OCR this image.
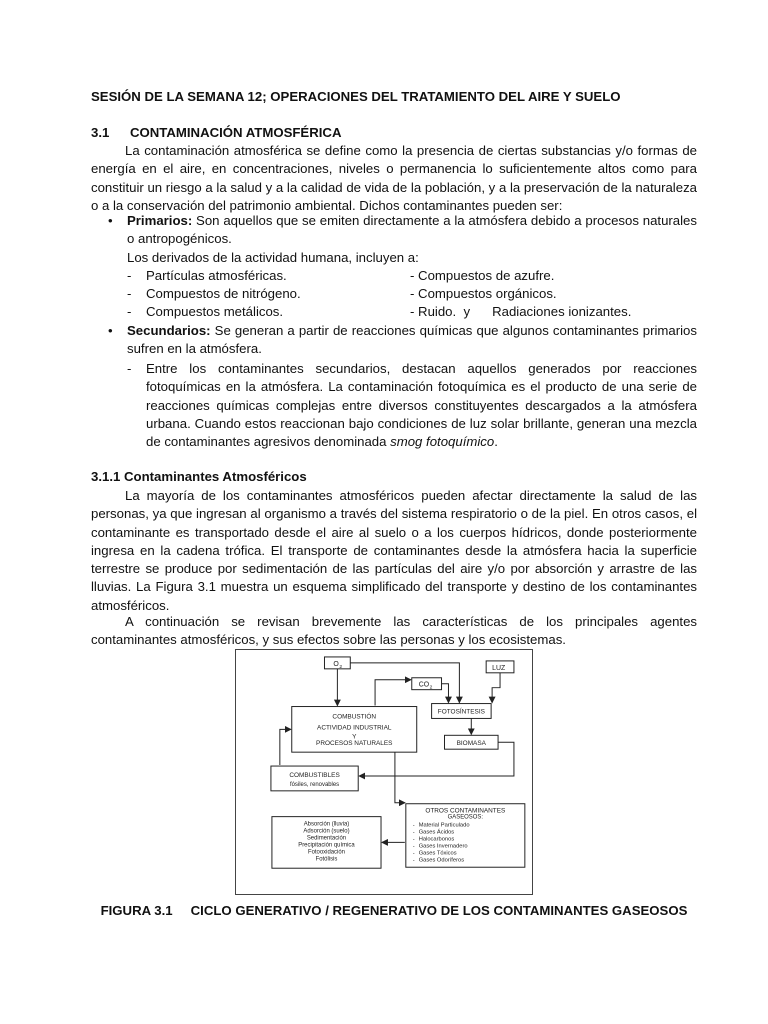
SESIÓN DE LA SEMANA 12; OPERACIONES DEL TRATAMIENTO DEL AIRE Y SUELO
3.1 CONTAMINACIÓN ATMOSFÉRICA

La contaminación atmosférica se define como la presencia de ciertas substancias y/o formas de energía en el aire, en concentraciones, niveles o permanencia lo suficientemente altos como para constituir un riesgo a la salud y a la calidad de vida de la población, y a la preservación de la naturaleza o a la conservación del patrimonio ambiental. Dichos contaminantes pueden ser:

• Primarios: Son aquellos que se emiten directamente a la atmósfera debido a procesos naturales o antropogénicos.
Los derivados de la actividad humana, incluyen a:
- Partículas atmosféricas.	- Compuestos de azufre.
- Compuestos de nitrógeno.	- Compuestos orgánicos.
- Compuestos metálicos.	- Ruido.  y      Radiaciones ionizantes.
• Secundarios: Se generan a partir de reacciones químicas que algunos contaminantes primarios sufren en la atmósfera.
- Entre los contaminantes secundarios, destacan aquellos generados por reacciones fotoquímicas en la atmósfera. La contaminación fotoquímica es el producto de una serie de reacciones químicas complejas entre diversos constituyentes descargados a la atmósfera urbana. Cuando estos reaccionan bajo condiciones de luz solar brillante, generan una mezcla de contaminantes agresivos denominada smog fotoquímico.
3.1.1 Contaminantes Atmosféricos

La mayoría de los contaminantes atmosféricos pueden afectar directamente la salud de las personas, ya que ingresan al organismo a través del sistema respiratorio o de la piel. En otros casos, el contaminante es transportado desde el aire al suelo o a los cuerpos hídricos, donde posteriormente ingresa en la cadena trófica. El transporte de contaminantes desde la atmósfera hacia la superficie terrestre se produce por sedimentación de las partículas del aire y/o por absorción y arrastre de las lluvias. La Figura 3.1 muestra un esquema simplificado del transporte y destino de los contaminantes atmosféricos.

A continuación se revisan brevemente las características de los principales agentes contaminantes atmosféricos, y sus efectos sobre las personas y los ecosistemas.

O 2	LUZ
CO 2
COMBUSTIÓN
ACTIVIDAD INDUSTRIAL
Y
PROCESOS NATURALES
FOTOSÍNTESIS
BIOMASA
COMBUSTIBLES
fósiles, renovables
OTROS CONTAMINANTES
GASEOSOS:
- Material Particulado
- Gases Ácidos
- Halocarbonos
- Gases Invernadero
- Gases Tóxicos
- Gases Odoríferos
Absorción (lluvia)
Adsorción (suelo)
Sedimentación
Precipitación química
Fotooxidación
Fotólisis
FIGURA 3.1 CICLO GENERATIVO / REGENERATIVO DE LOS CONTAMINANTES GASEOSOS
